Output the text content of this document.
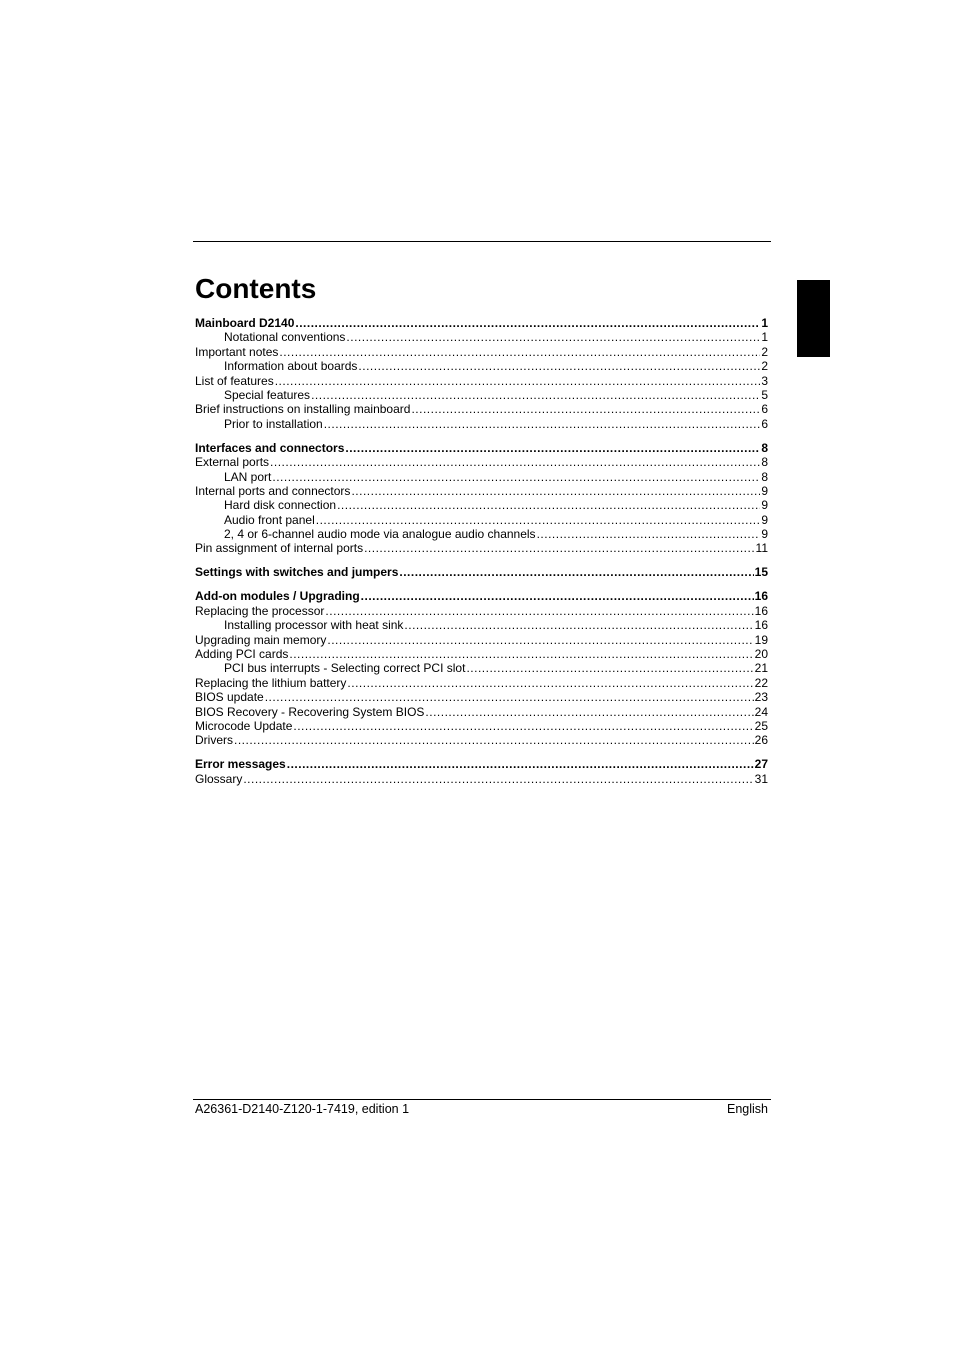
Contents
Mainboard D2140 .....	1
Notational conventions .....	1
Important notes .....	2
Information about boards .....	2
List of features .....	3
Special features .....	5
Brief instructions on installing mainboard .....	6
Prior to installation .....	6
Interfaces and connectors .....	8
External ports .....	8
LAN port .....	8
Internal ports and connectors .....	9
Hard disk connection .....	9
Audio front panel .....	9
2, 4 or 6-channel audio mode via analogue audio channels .....	9
Pin assignment of internal ports .....	11
Settings with switches and jumpers .....	15
Add-on modules / Upgrading .....	16
Replacing the processor .....	16
Installing processor with heat sink .....	16
Upgrading main memory .....	19
Adding PCI cards .....	20
PCI bus interrupts - Selecting correct PCI slot .....	21
Replacing the lithium battery .....	22
BIOS update .....	23
BIOS Recovery - Recovering System BIOS .....	24
Microcode Update .....	25
Drivers .....	26
Error messages .....	27
Glossary .....	31
A26361-D2140-Z120-1-7419, edition 1	English
